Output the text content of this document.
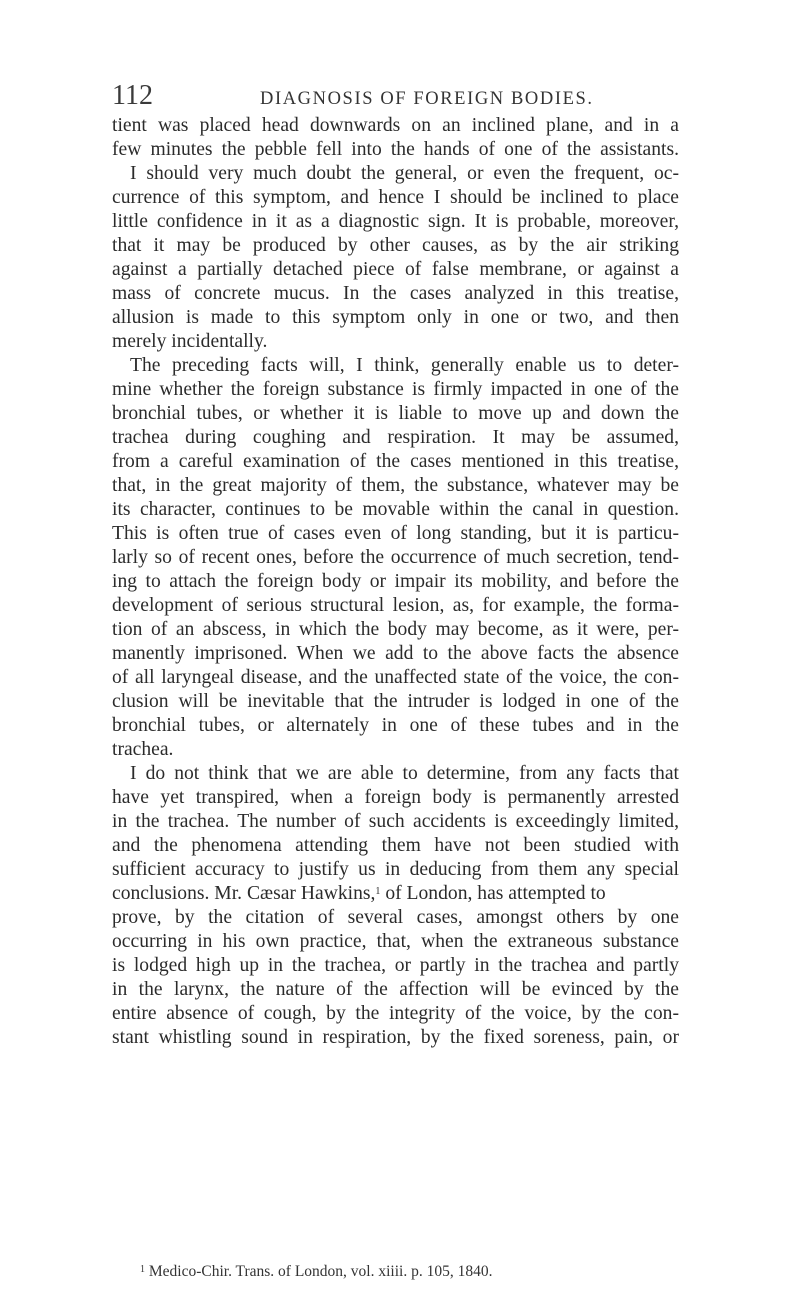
112	DIAGNOSIS OF FOREIGN BODIES.
tient was placed head downwards on an inclined plane, and in a
few minutes the pebble fell into the hands of one of the assistants.
I should very much doubt the general, or even the frequent, oc-
currence of this symptom, and hence I should be inclined to place
little confidence in it as a diagnostic sign. It is probable, moreover,
that it may be produced by other causes, as by the air striking
against a partially detached piece of false membrane, or against a
mass of concrete mucus. In the cases analyzed in this treatise,
allusion is made to this symptom only in one or two, and then
merely incidentally.
The preceding facts will, I think, generally enable us to deter-
mine whether the foreign substance is firmly impacted in one of the
bronchial tubes, or whether it is liable to move up and down the
trachea during coughing and respiration. It may be assumed,
from a careful examination of the cases mentioned in this treatise,
that, in the great majority of them, the substance, whatever may be
its character, continues to be movable within the canal in question.
This is often true of cases even of long standing, but it is particu-
larly so of recent ones, before the occurrence of much secretion, tend-
ing to attach the foreign body or impair its mobility, and before the
development of serious structural lesion, as, for example, the forma-
tion of an abscess, in which the body may become, as it were, per-
manently imprisoned. When we add to the above facts the absence
of all laryngeal disease, and the unaffected state of the voice, the con-
clusion will be inevitable that the intruder is lodged in one of the
bronchial tubes, or alternately in one of these tubes and in the
trachea.
I do not think that we are able to determine, from any facts that
have yet transpired, when a foreign body is permanently arrested
in the trachea. The number of such accidents is exceedingly limited,
and the phenomena attending them have not been studied with
sufficient accuracy to justify us in deducing from them any special
conclusions. Mr. Cæsar Hawkins,$^1$ of London, has attempted to
prove, by the citation of several cases, amongst others by one
occurring in his own practice, that, when the extraneous substance
is lodged high up in the trachea, or partly in the trachea and partly
in the larynx, the nature of the affection will be evinced by the
entire absence of cough, by the integrity of the voice, by the con-
stant whistling sound in respiration, by the fixed soreness, pain, or
$^1$ Medico-Chir. Trans. of London, vol. xiiii. p. 105, 1840.
